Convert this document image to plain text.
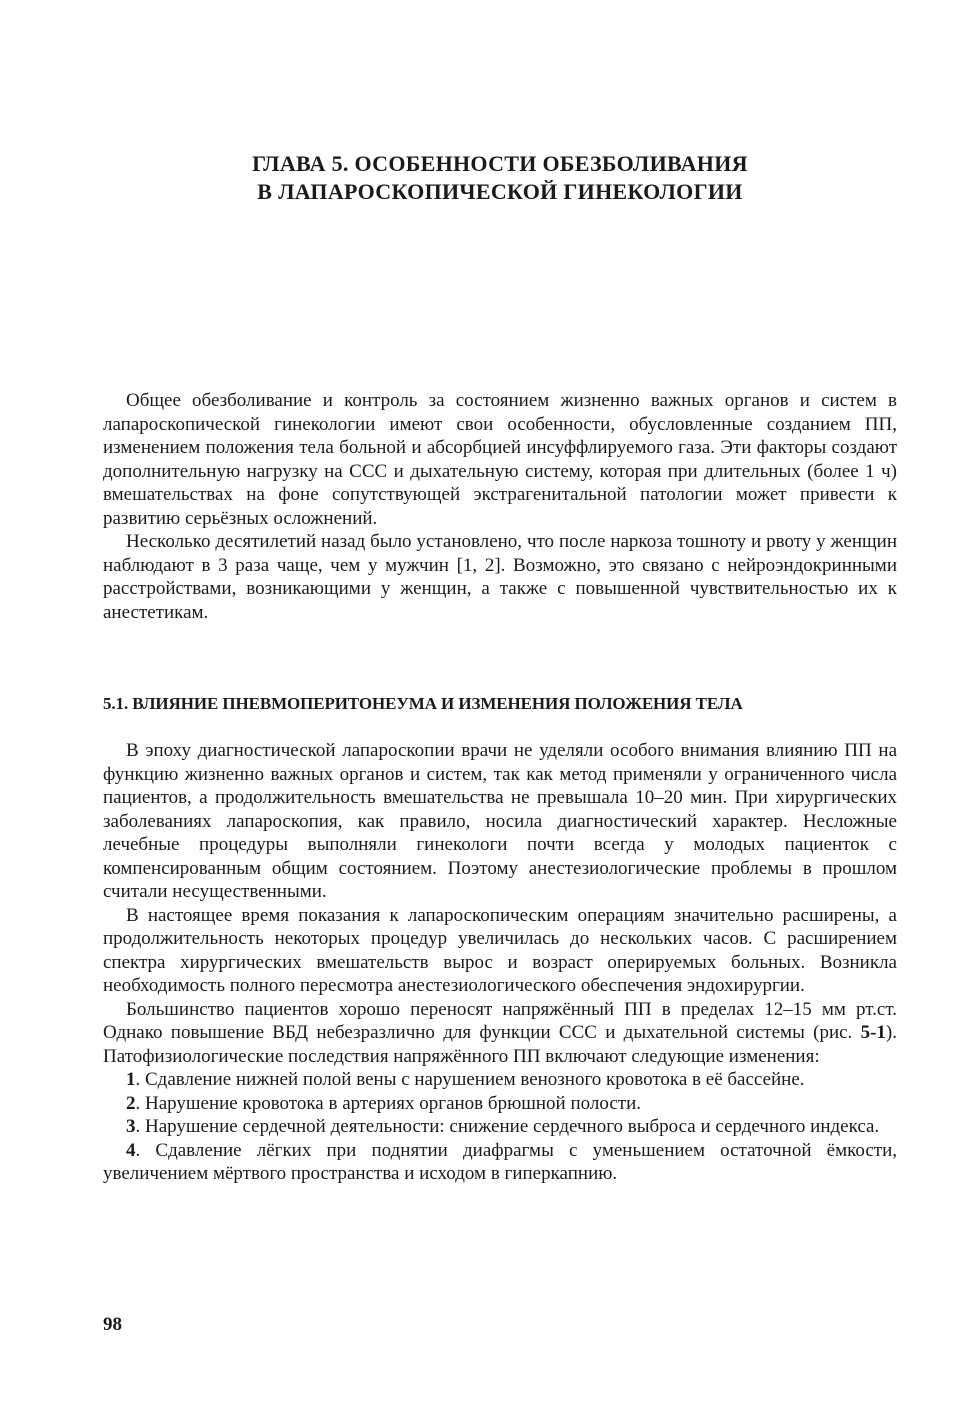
ГЛАВА 5. ОСОБЕННОСТИ ОБЕЗБОЛИВАНИЯ
В ЛАПАРОСКОПИЧЕСКОЙ ГИНЕКОЛОГИИ

Общее обезболивание и контроль за состоянием жизненно важных органов и систем в лапароскопической гинекологии имеют свои особенности, обусловленные созданием ПП, изменением положения тела больной и абсорбцией инсуффлируемого газа. Эти факторы создают дополнительную нагрузку на ССС и дыхательную систему, которая при длительных (более 1 ч) вмешательствах на фоне сопутствующей экстрагенитальной патологии может привести к развитию серьёзных осложнений.

Несколько десятилетий назад было установлено, что после наркоза тошноту и рвоту у женщин наблюдают в 3 раза чаще, чем у мужчин [1, 2]. Возможно, это связано с нейроэндокринными расстройствами, возникающими у женщин, а также с повышенной чувствительностью их к анестетикам.

5.1. ВЛИЯНИЕ ПНЕВМОПЕРИТОНЕУМА И ИЗМЕНЕНИЯ ПОЛОЖЕНИЯ ТЕЛА

В эпоху диагностической лапароскопии врачи не уделяли особого внимания влиянию ПП на функцию жизненно важных органов и систем, так как метод применяли у ограниченного числа пациентов, а продолжительность вмешательства не превышала 10–20 мин. При хирургических заболеваниях лапароскопия, как правило, носила диагностический характер. Несложные лечебные процедуры выполняли гинекологи почти всегда у молодых пациенток с компенсированным общим состоянием. Поэтому анестезиологические проблемы в прошлом считали несущественными.

В настоящее время показания к лапароскопическим операциям значительно расширены, а продолжительность некоторых процедур увеличилась до нескольких часов. С расширением спектра хирургических вмешательств вырос и возраст оперируемых больных. Возникла необходимость полного пересмотра анестезиологического обеспечения эндохирургии.

Большинство пациентов хорошо переносят напряжённый ПП в пределах 12–15 мм рт.ст. Однако повышение ВБД небезразлично для функции ССС и дыхательной системы (рис. 5-1). Патофизиологические последствия напряжённого ПП включают следующие изменения:

1. Сдавление нижней полой вены с нарушением венозного кровотока в её бассейне.

2. Нарушение кровотока в артериях органов брюшной полости.

3. Нарушение сердечной деятельности: снижение сердечного выброса и сердечного индекса.

4. Сдавление лёгких при поднятии диафрагмы с уменьшением остаточной ёмкости, увеличением мёртвого пространства и исходом в гиперкапнию.

98
